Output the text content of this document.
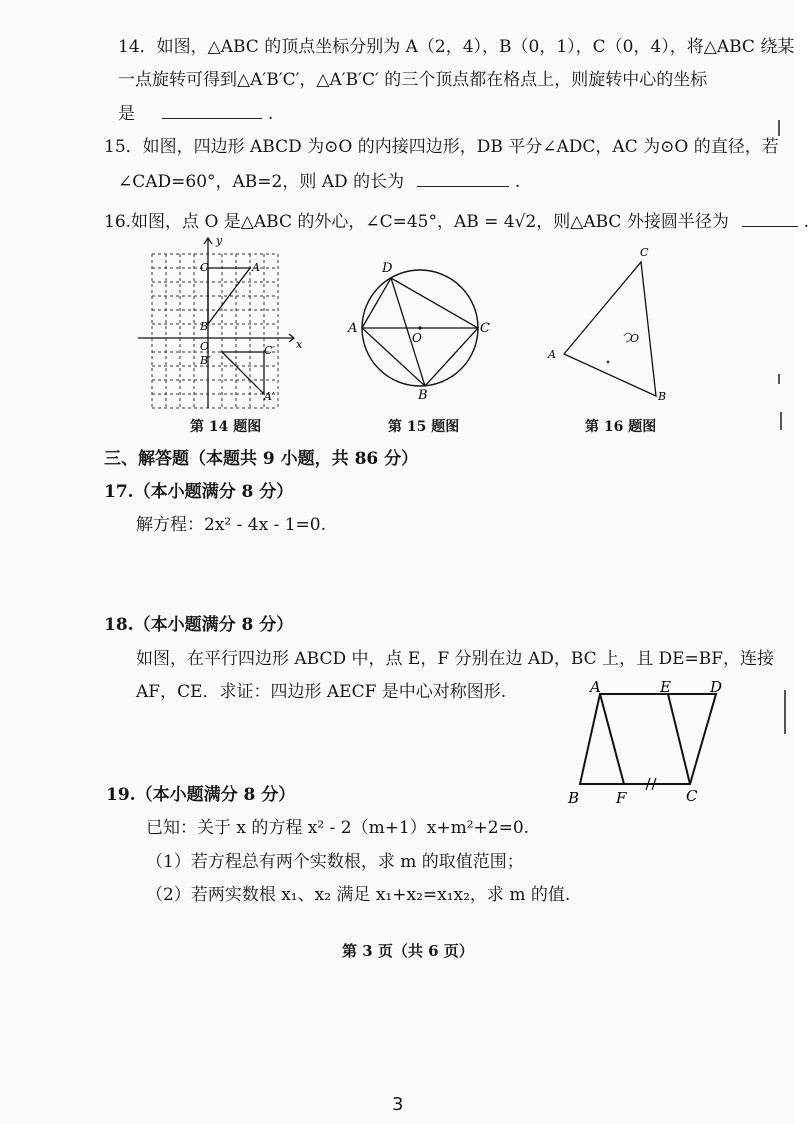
14．如图，△ABC 的顶点坐标分别为 A（2，4），B（0，1），C（0，4），将△ABC 绕某
一点旋转可得到△A′B′C′，△A′B′C′ 的三个顶点都在格点上，则旋转中心的坐标
是	.
15．如图，四边形 ABCD 为⊙O 的内接四边形，DB 平分∠ADC，AC 为⊙O 的直径，若
∠CAD=60°，AB=2，则 AD 的长为	.
16.如图，点 O 是△ABC 的外心，∠C=45°，AB = 4√2，则△ABC 外接圆半径为	.
y
x
O
A
B
C
A′
B′
C′
第 14 题图
A
B
C
D
O
第 15 题图
A
B
C
O
第 16 题图
三、解答题（本题共 9 小题，共 86 分）
17.（本小题满分 8 分）
解方程：2x² - 4x - 1=0.
18.（本小题满分 8 分）
如图，在平行四边形 ABCD 中，点 E，F 分别在边 AD，BC 上，且 DE=BF，连接
AF，CE．求证：四边形 AECF 是中心对称图形.	A	E	D
B F	C
19.（本小题满分 8 分）
已知：关于 x 的方程 x² - 2（m+1）x+m²+2=0.
（1）若方程总有两个实数根，求 m 的取值范围；
（2）若两实数根 x₁、x₂ 满足 x₁+x₂=x₁x₂，求 m 的值.
第 3 页（共 6 页）
3
